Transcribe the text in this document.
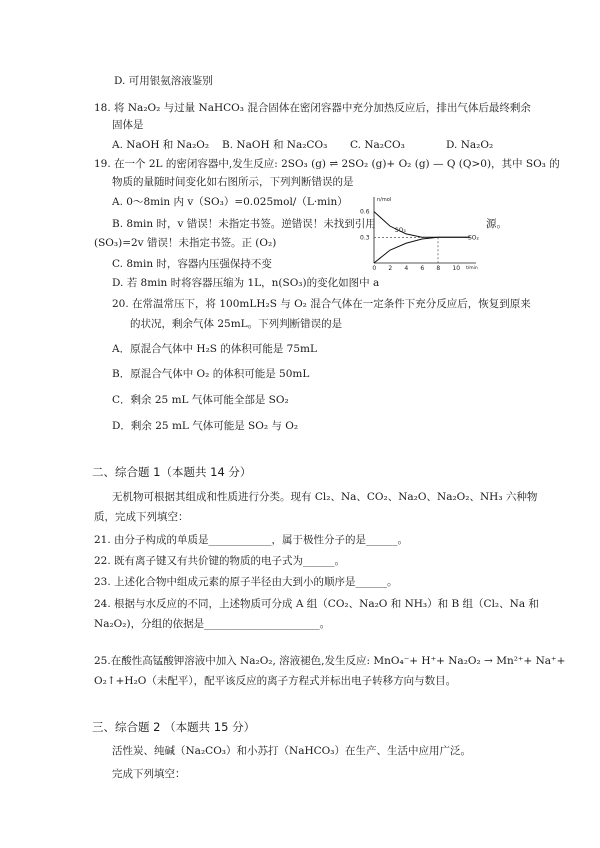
D. 可用银氨溶液鉴别
18. 将 Na₂O₂ 与过量 NaHCO₃ 混合固体在密闭容器中充分加热反应后，排出气体后最终剩余
固体是
A. NaOH 和 Na₂O₂ B. NaOH 和 Na₂CO₃ C. Na₂CO₃	D. Na₂O₂
19. 在一个 2L 的密闭容器中,发生反应: 2SO₃ (g) ⇌ 2SO₂ (g)+ O₂ (g) — Q (Q>0)，其中 SO₃ 的
物质的量随时间变化如右图所示，下列判断错误的是
A. 0～8min 内 v（SO₃）=0.025mol/（L·min）
B. 8min 时，v 错误！未指定书签。逆错误！未找到引用	源。
(SO₃)=2v 错误！未指定书签。正 (O₂)
C. 8min 时，容器内压强保持不变
D. 若 8min 时将容器压缩为 1L，n(SO₃)的变化如图中 a
n/mol
t/min
0 2 4 6 8 10
0.6
0.3
SO₃
SO₂
20. 在常温常压下，将 100mLH₂S 与 O₂ 混合气体在一定条件下充分反应后，恢复到原来
的状况，剩余气体 25mL。下列判断错误的是
A．原混合气体中 H₂S 的体积可能是 75mL
B．原混合气体中 O₂ 的体积可能是 50mL
C．剩余 25 mL 气体可能全部是 SO₂
D．剩余 25 mL 气体可能是 SO₂ 与 O₂
二、综合题 1（本题共 14 分）
无机物可根据其组成和性质进行分类。现有 Cl₂、Na、CO₂、Na₂O、Na₂O₂、NH₃ 六种物
质，完成下列填空：
21. 由分子构成的单质是____________，属于极性分子的是______。
22. 既有离子键又有共价键的物质的电子式为______。
23. 上述化合物中组成元素的原子半径由大到小的顺序是______。
24. 根据与水反应的不同，上述物质可分成 A 组（CO₂、Na₂O 和 NH₃）和 B 组（Cl₂、Na 和
Na₂O₂)，分组的依据是______________________。
25.在酸性高锰酸钾溶液中加入 Na₂O₂, 溶液褪色,发生反应: MnO₄⁻+ H⁺+ Na₂O₂ → Mn²⁺+ Na⁺+
O₂↑+H₂O（未配平），配平该反应的离子方程式并标出电子转移方向与数目。
三、综合题 2 （本题共 15 分）
活性炭、纯碱（Na₂CO₃）和小苏打（NaHCO₃）在生产、生活中应用广泛。
完成下列填空：
